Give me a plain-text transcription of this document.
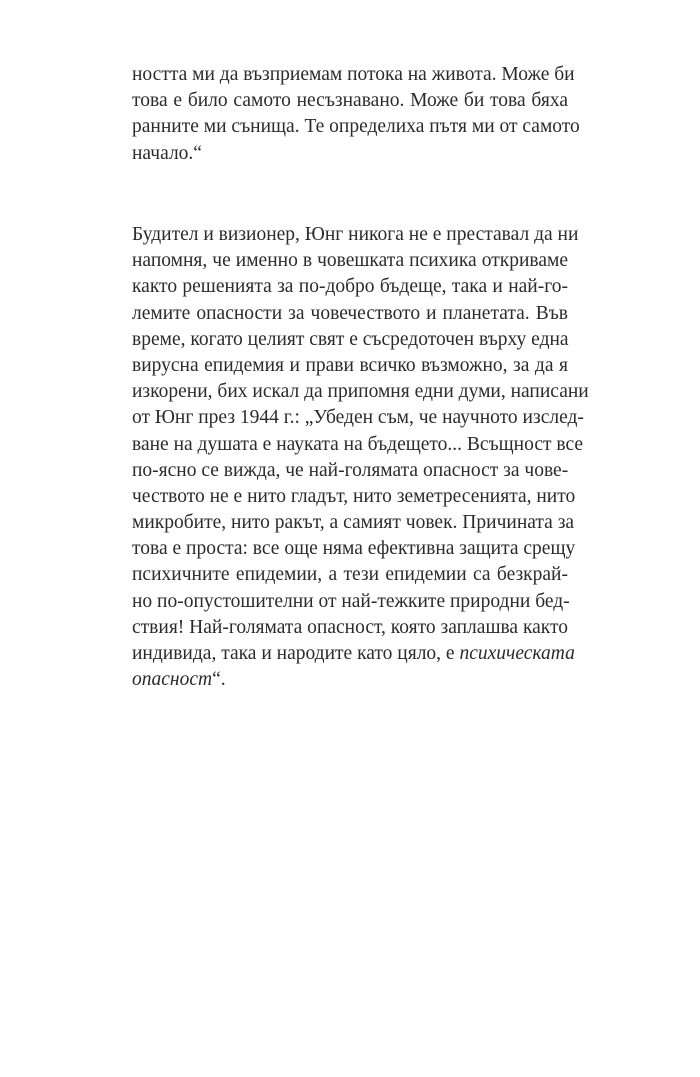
ността ми да възприемам потока на живота. Може би
това е било самото несъзнавано. Може би това бяха
ранните ми сънища. Те определиха пътя ми от самото
начало.“
Будител и визионер, Юнг никога не е преставал да ни
напомня, че именно в човешката психика откриваме
както решенията за по-добро бъдеще, така и най-го-
лемите опасности за човечеството и планетата. Във
време, когато целият свят е съсредоточен върху една
вирусна епидемия и прави всичко възможно, за да я
изкорени, бих искал да припомня едни думи, написани
от Юнг през 1944 г.: „Убеден съм, че научното изслед-
ване на душата е науката на бъдещето... Всъщност все
по-ясно се вижда, че най-голямата опасност за чове-
чеството не е нито гладът, нито земетресенията, нито
микробите, нито ракът, а самият човек. Причината за
това е проста: все още няма ефективна защита срещу
психичните епидемии, а тези епидемии са безкрай-
но по-опустошителни от най-тежките природни бед-
ствия! Най-голямата опасност, която заплашва както
индивида, така и народите като цяло, е психическата
опасност“.
